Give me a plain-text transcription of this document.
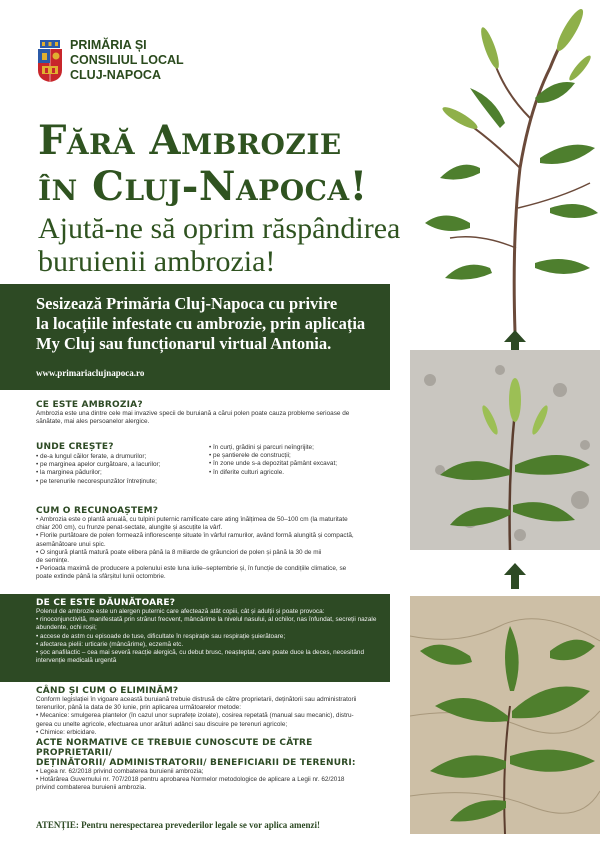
PRIMĂRIA ȘI
CONSILIUL LOCAL
CLUJ-NAPOCA
Fără Ambrozie
în Cluj-Napoca!
Ajută-ne să oprim răspândirea
buruienii ambrozia!
Sesizează Primăria Cluj-Napoca cu privire
la locațiile infestate cu ambrozie, prin aplicația
My Cluj sau funcționarul virtual Antonia.
www.primariaclujnapoca.ro
CE ESTE AMBROZIA?
Ambrozia este una dintre cele mai invazive specii de buruiană a cărui polen poate cauza probleme serioase de
sănătate, mai ales persoanelor alergice.
UNDE CREȘTE?
• de-a lungul căilor ferate, a drumurilor;
• pe marginea apelor curgătoare, a lacurilor;
• la marginea pădurilor;
• pe terenurile necorespunzător întreținute;
• în curți, grădini și parcuri neîngrijite;
• pe șantierele de construcții;
• în zone unde s-a depozitat pământ excavat;
• în diferite culturi agricole.
CUM O RECUNOAȘTEM?
• Ambrozia este o plantă anuală, cu tulpini puternic ramificate care ating înălțimea de 50–100 cm (la maturitate
chiar 200 cm), cu frunze penat-sectate, alungite și ascuțite la vârf.
• Florile purtătoare de polen formează inflorescențe situate în vârful ramurilor, având formă alungită și compactă,
asemănătoare unui spic.
• O singură plantă matură poate elibera până la 8 miliarde de grăunciori de polen și până la 30 de mii
de semințe.
• Perioada maximă de producere a polenului este luna iulie–septembrie și, în funcție de condițiile climatice, se
poate extinde până la sfârșitul lunii octombrie.
DE CE ESTE DĂUNĂTOARE?
Polenul de ambrozie este un alergen puternic care afectează atât copiii, cât și adulții și poate provoca:
• rinoconjunctivită, manifestată prin strănut frecvent, mâncărime la nivelul nasului, al ochilor, nas înfundat, secreții nazale abundente, ochi roșii;
• accese de astm cu episoade de tuse, dificultate în respirație sau respirație șuierătoare;
• afectarea pielii: urticarie (mâncărime), eczemă etc.
• șoc anafilactic – cea mai severă reacție alergică, cu debut brusc, neașteptat, care poate duce la deces, necesitând intervenție medicală urgentă
CÂND ȘI CUM O ELIMINĂM?
Conform legislației în vigoare această buruiană trebuie distrusă de către proprietarii, deținătorii sau administratorii
terenurilor, până la data de 30 iunie, prin aplicarea următoarelor metode:
• Mecanice: smulgerea plantelor (în cazul unor suprafețe izolate), cosirea repetată (manual sau mecanic), distru-
gerea cu unelte agricole, efectuarea unor arături adânci sau discuire pe terenuri agricole;
• Chimice: erbicidare.
ACTE NORMATIVE CE TREBUIE CUNOSCUTE DE CĂTRE PROPRIETARII/
DEȚINĂTORII/ ADMINISTRATORII/ BENEFICIARII DE TERENURI:
• Legea nr. 62/2018 privind combaterea buruienii ambrozia;
• Hotărârea Guvernului nr. 707/2018 pentru aprobarea Normelor metodologice de aplicare a Legii nr. 62/2018
privind combaterea buruienii ambrozia.
ATENȚIE: Pentru nerespectarea prevederilor legale se vor aplica amenzi!
